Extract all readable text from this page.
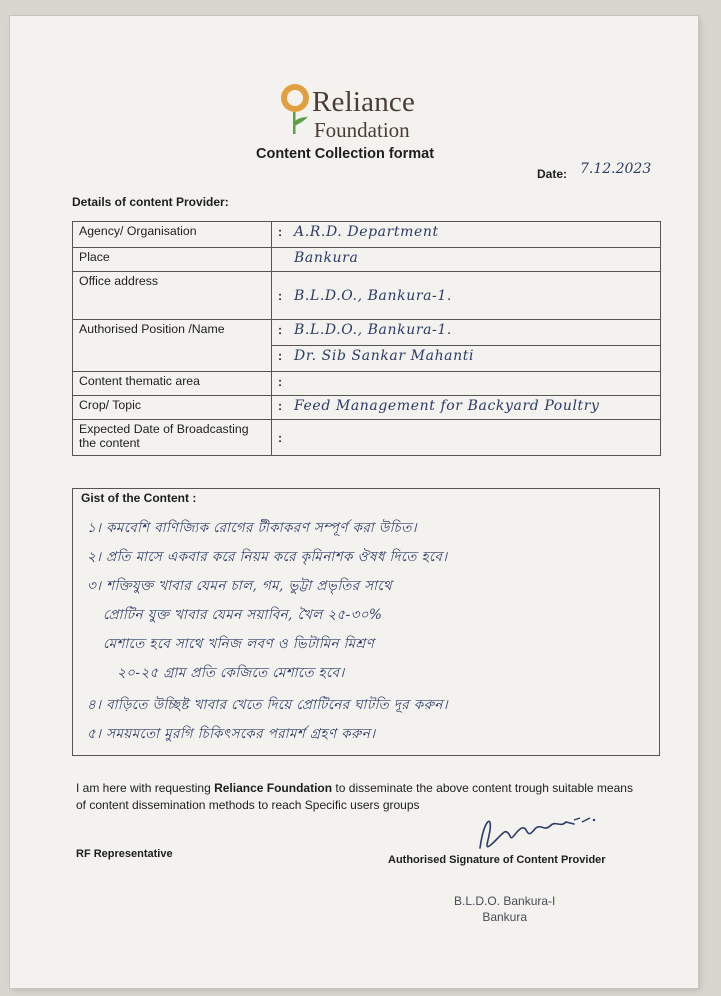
Reliance
Foundation
Content Collection format
Date: 7.12.2023
Details of content Provider:
Agency/ Organisation	: A.R.D. Department
Place	Bankura
Office address	: B.L.D.O., Bankura-1.
Authorised Position /Name	: B.L.D.O., Bankura-1.
	: Dr. Sib Sankar Mahanti
Content thematic area	:
Crop/ Topic	: Feed Management for Backyard Poultry
Expected Date of Broadcasting the content	:
Gist of the Content :
১। কমবেশি বাণিজ্যিক রোগের টীকাকরণ সম্পূর্ণ করা উচিত।
২। প্রতি মাসে একবার করে নিয়ম করে কৃমিনাশক ঔষধ দিতে হবে।
৩। শক্তিযুক্ত খাবার যেমন চাল, গম, ভুট্টা প্রভৃতির সাথে
প্রোটিন যুক্ত খাবার যেমন সয়াবিন, খৈল ২৫-৩০%
মেশাতে হবে সাথে খনিজ লবণ ও ভিটামিন মিশ্রণ
২০-২৫ গ্রাম প্রতি কেজিতে মেশাতে হবে।
৪। বাড়িতে উচ্ছিষ্ট খাবার খেতে দিয়ে প্রোটিনের ঘাটতি দূর করুন।
৫। সময়মতো মুরগি চিকিৎসকের পরামর্শ গ্রহণ করুন।
I am here with requesting Reliance Foundation to disseminate the above content trough suitable means of content dissemination methods to reach Specific users groups
RF Representative	Authorised Signature of Content Provider
B.L.D.O. Bankura-I
Bankura
